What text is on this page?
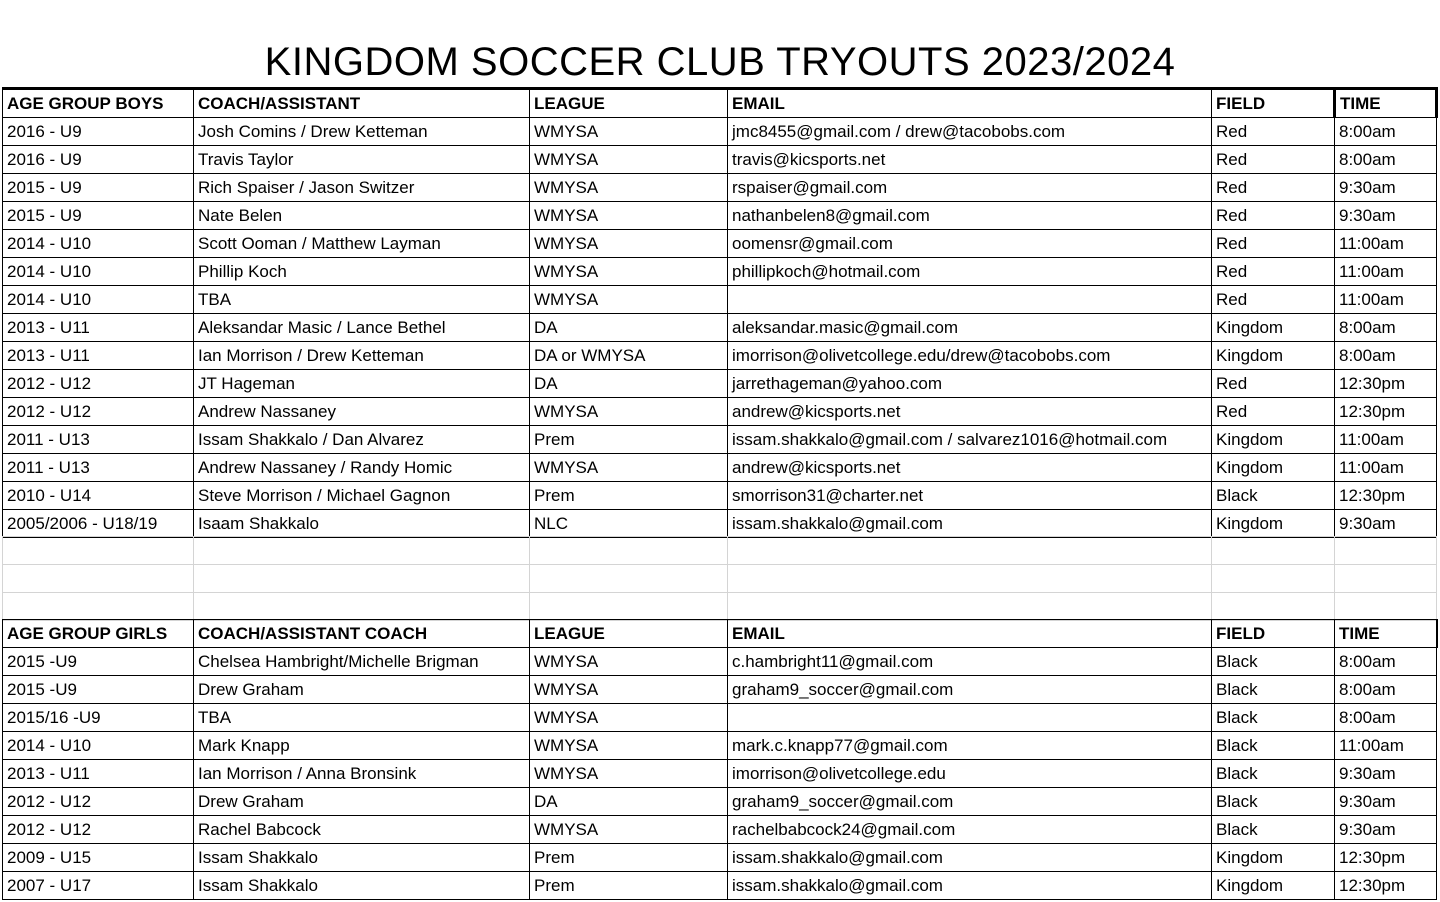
KINGDOM SOCCER CLUB TRYOUTS 2023/2024
AGE GROUP BOYS	COACH/ASSISTANT	LEAGUE	EMAIL	FIELD	TIME
2016 - U9	Josh Comins / Drew Ketteman	WMYSA	jmc8455@gmail.com / drew@tacobobs.com	Red	8:00am
2016 - U9	Travis Taylor	WMYSA	travis@kicsports.net	Red	8:00am
2015 - U9	Rich Spaiser / Jason Switzer	WMYSA	rspaiser@gmail.com	Red	9:30am
2015 - U9	Nate Belen	WMYSA	nathanbelen8@gmail.com	Red	9:30am
2014 - U10	Scott Ooman / Matthew Layman	WMYSA	oomensr@gmail.com	Red	11:00am
2014 - U10	Phillip Koch	WMYSA	phillipkoch@hotmail.com	Red	11:00am
2014 - U10	TBA	WMYSA		Red	11:00am
2013 - U11	Aleksandar Masic / Lance Bethel	DA	aleksandar.masic@gmail.com	Kingdom	8:00am
2013 - U11	Ian Morrison / Drew Ketteman	DA or WMYSA	imorrison@olivetcollege.edu/drew@tacobobs.com	Kingdom	8:00am
2012 - U12	JT Hageman	DA	jarrethageman@yahoo.com	Red	12:30pm
2012 - U12	Andrew Nassaney	WMYSA	andrew@kicsports.net	Red	12:30pm
2011 - U13	Issam Shakkalo / Dan Alvarez	Prem	issam.shakkalo@gmail.com / salvarez1016@hotmail.com	Kingdom	11:00am
2011 - U13	Andrew Nassaney / Randy Homic	WMYSA	andrew@kicsports.net	Kingdom	11:00am
2010 - U14	Steve Morrison / Michael Gagnon	Prem	smorrison31@charter.net	Black	12:30pm
2005/2006 - U18/19	Isaam Shakkalo	NLC	issam.shakkalo@gmail.com	Kingdom	9:30am

AGE GROUP GIRLS	COACH/ASSISTANT COACH	LEAGUE	EMAIL	FIELD	TIME
2015 -U9	Chelsea Hambright/Michelle Brigman	WMYSA	c.hambright11@gmail.com	Black	8:00am
2015 -U9	Drew Graham	WMYSA	graham9_soccer@gmail.com	Black	8:00am
2015/16 -U9	TBA	WMYSA		Black	8:00am
2014 - U10	Mark Knapp	WMYSA	mark.c.knapp77@gmail.com	Black	11:00am
2013 - U11	Ian Morrison / Anna Bronsink	WMYSA	imorrison@olivetcollege.edu	Black	9:30am
2012 - U12	Drew Graham	DA	graham9_soccer@gmail.com	Black	9:30am
2012 - U12	Rachel Babcock	WMYSA	rachelbabcock24@gmail.com	Black	9:30am
2009 - U15	Issam Shakkalo	Prem	issam.shakkalo@gmail.com	Kingdom	12:30pm
2007 - U17	Issam Shakkalo	Prem	issam.shakkalo@gmail.com	Kingdom	12:30pm
